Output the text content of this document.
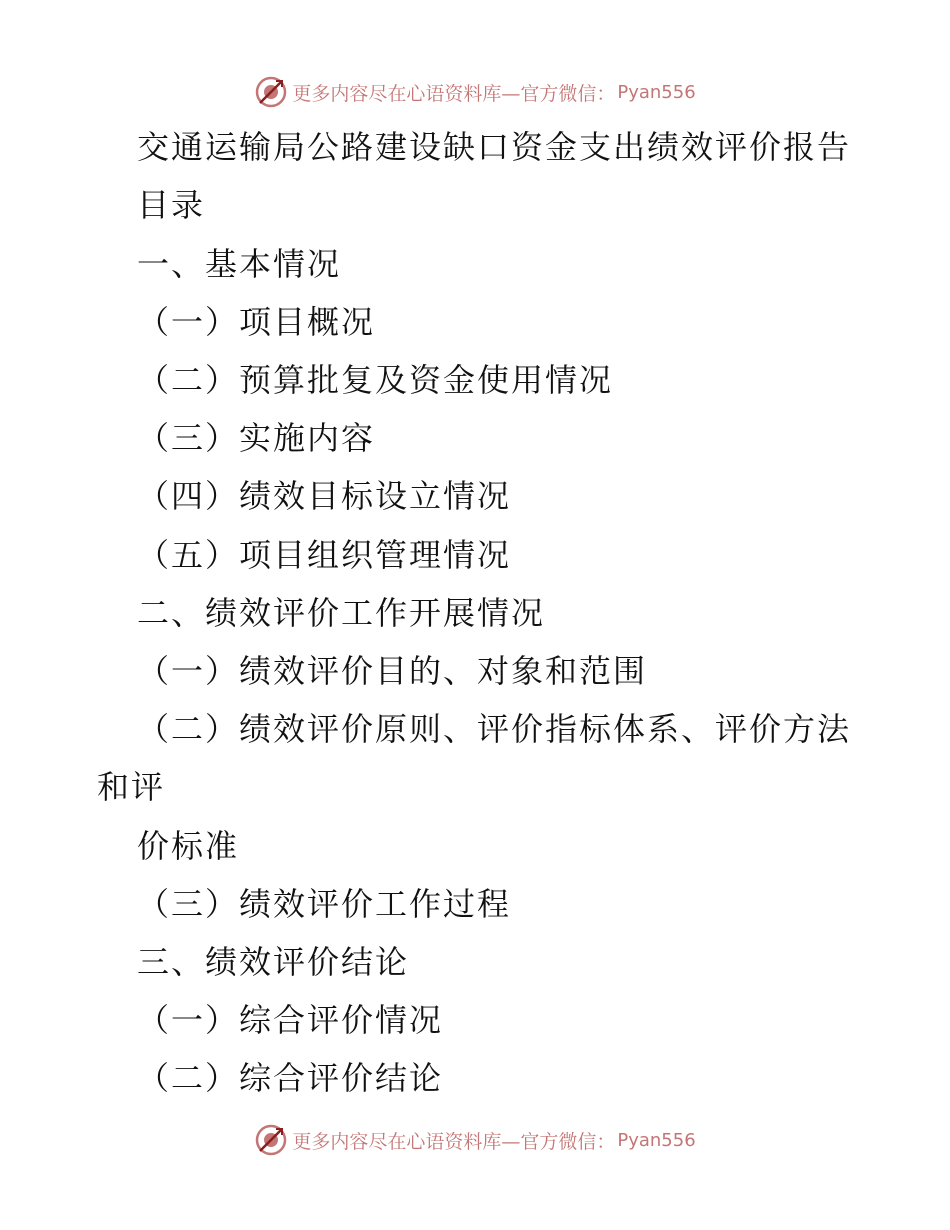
更多内容尽在心语资料库—官方微信： Pyan556
交通运输局公路建设缺口资金支出绩效评价报告
目录
一、基本情况
（一）项目概况
（二）预算批复及资金使用情况
（三）实施内容
（四）绩效目标设立情况
（五）项目组织管理情况
二、绩效评价工作开展情况
（一）绩效评价目的、对象和范围
（二）绩效评价原则、评价指标体系、评价方法
和评
价标准
（三）绩效评价工作过程
三、绩效评价结论
（一）综合评价情况
（二）综合评价结论
更多内容尽在心语资料库—官方微信： Pyan556
